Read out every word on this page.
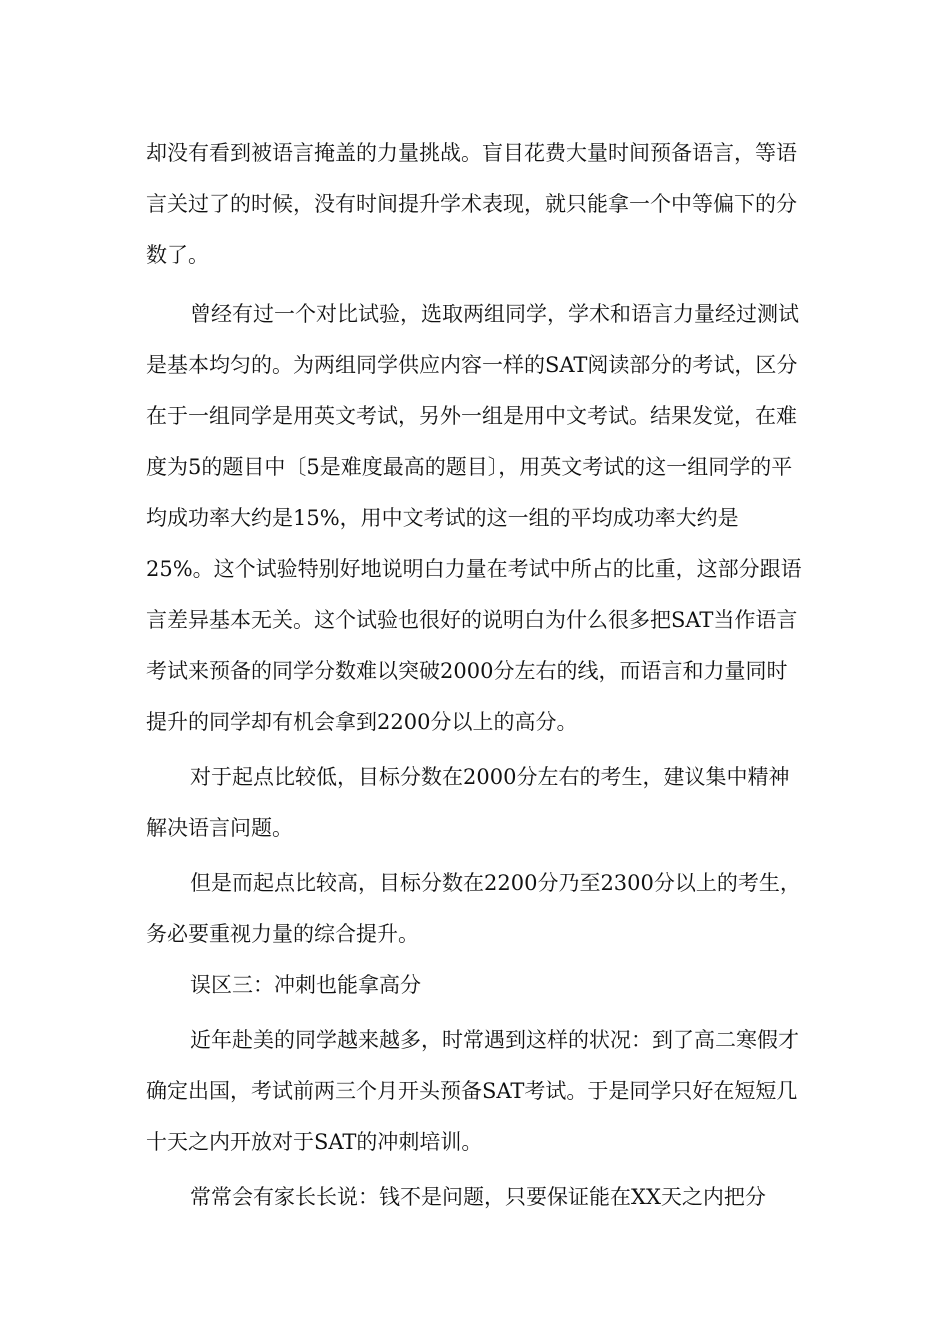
却没有看到被语言掩盖的力量挑战。盲目花费大量时间预备语言，等语言关过了的时候，没有时间提升学术表现，就只能拿一个中等偏下的分数了。

曾经有过一个对比试验，选取两组同学，学术和语言力量经过测试是基本均匀的。为两组同学供应内容一样的SAT阅读部分的考试，区分在于一组同学是用英文考试，另外一组是用中文考试。结果发觉，在难度为5的题目中〔5是难度最高的题目〕，用英文考试的这一组同学的平均成功率大约是15%，用中文考试的这一组的平均成功率大约是25%。这个试验特别好地说明白力量在考试中所占的比重，这部分跟语言差异基本无关。这个试验也很好的说明白为什么很多把SAT当作语言考试来预备的同学分数难以突破2000分左右的线，而语言和力量同时提升的同学却有机会拿到2200分以上的高分。

对于起点比较低，目标分数在2000分左右的考生，建议集中精神解决语言问题。

但是而起点比较高，目标分数在2200分乃至2300分以上的考生，务必要重视力量的综合提升。

误区三：冲刺也能拿高分

近年赴美的同学越来越多，时常遇到这样的状况：到了高二寒假才确定出国，考试前两三个月开头预备SAT考试。于是同学只好在短短几十天之内开放对于SAT的冲刺培训。

常常会有家长长说：钱不是问题，只要保证能在XX天之内把分
